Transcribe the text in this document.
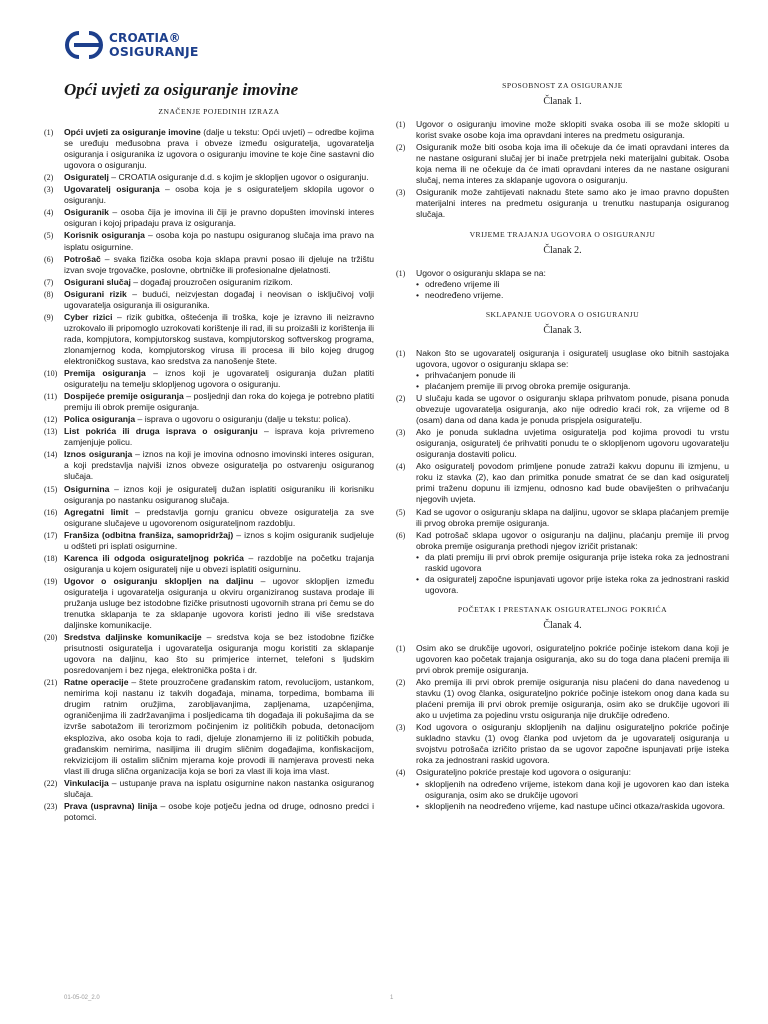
CROATIA®
OSIGURANJE
Opći uvjeti za osiguranje imovine
ZNAČENJE POJEDINIH IZRAZA
(1)	Opći uvjeti za osiguranje imovine (dalje u tekstu: Opći uvjeti) – odredbe kojima se uređuju međusobna prava i obveze između osiguratelja, ugovaratelja osiguranja i osiguranika iz ugovora o osiguranju imovine te koje čine sastavni dio ugovora o osiguranju.
(2)	Osiguratelj – CROATIA osiguranje d.d. s kojim je sklopljen ugovor o osiguranju.
(3)	Ugovaratelj osiguranja – osoba koja je s osigurateljem sklopila ugovor o osiguranju.
(4)	Osiguranik – osoba čija je imovina ili čiji je pravno dopušten imovinski interes osiguran i kojoj pripadaju prava iz osiguranja.
(5)	Korisnik osiguranja – osoba koja po nastupu osiguranog slučaja ima pravo na isplatu osigurnine.
(6)	Potrošač – svaka fizička osoba koja sklapa pravni posao ili djeluje na tržištu izvan svoje trgovačke, poslovne, obrtničke ili profesionalne djelatnosti.
(7)	Osigurani slučaj – događaj prouzročen osiguranim rizikom.
(8)	Osigurani rizik – budući, neizvjestan događaj i neovisan o isključivoj volji ugovaratelja osiguranja ili osiguranika.
(9)	Cyber rizici – rizik gubitka, oštećenja ili troška, koje je izravno ili neizravno uzrokovalo ili pripomoglo uzrokovati korištenje ili rad, ili su proizašli iz korištenja ili rada, kompjutora, kompjutorskog sustava, kompjutorskog softverskog programa, zlonamjernog koda, kompjutorskog virusa ili procesa ili bilo kojeg drugog elektroničkog sustava, kao sredstva za nanošenje štete.
(10) Premija osiguranja – iznos koji je ugovaratelj osiguranja dužan platiti osiguratelju na temelju sklopljenog ugovora o osiguranju.
(11) Dospijeće premije osiguranja – posljednji dan roka do kojega je potrebno platiti premiju ili obrok premije osiguranja.
(12) Polica osiguranja – isprava o ugovoru o osiguranju (dalje u tekstu: polica).
(13) List pokrića ili druga isprava o osiguranju – isprava koja privremeno zamjenjuje policu.
(14) Iznos osiguranja – iznos na koji je imovina odnosno imovinski interes osiguran, a koji predstavlja najviši iznos obveze osiguratelja po ostvarenju osiguranog slučaja.
(15) Osigurnina – iznos koji je osiguratelj dužan isplatiti osiguraniku ili korisniku osiguranja po nastanku osiguranog slučaja.
(16) Agregatni limit – predstavlja gornju granicu obveze osiguratelja za sve osigurane slučajeve u ugovorenom osigurateljnom razdoblju.
(17) Franšiza (odbitna franšiza, samopridržaj) – iznos s kojim osiguranik sudjeluje u odšteti pri isplati osigurnine.
(18) Karenca ili odgoda osigurateljnog pokrića – razdoblje na početku trajanja osiguranja u kojem osiguratelj nije u obvezi isplatiti osigurninu.
(19) Ugovor o osiguranju sklopljen na daljinu – ugovor sklopljen između osiguratelja i ugovaratelja osiguranja u okviru organiziranog sustava prodaje ili pružanja usluge bez istodobne fizičke prisutnosti ugovornih strana pri čemu se do trenutka sklapanja te za sklapanje ugovora koristi jedno ili više sredstava daljinske komunikacije.
(20) Sredstva daljinske komunikacije – sredstva koja se bez istodobne fizičke prisutnosti osiguratelja i ugovaratelja osiguranja mogu koristiti za sklapanje ugovora na daljinu, kao što su primjerice internet, telefoni s ljudskim posredovanjem i bez njega, elektronička pošta i dr.
(21) Ratne operacije – štete prouzročene građanskim ratom, revolucijom, ustankom, nemirima koji nastanu iz takvih događaja, minama, torpedima, bombama ili drugim ratnim oružjima, zarobljavanjima, zapljenama, uzapćenjima, ograničenjima ili zadržavanjima i posljedicama tih događaja ili pokušajima da se izvrše sabotažom ili terorizmom počinjenim iz političkih pobuda, detonacijom eksploziva, ako osoba koja to radi, djeluje zlonamjerno ili iz političkih pobuda, građanskim nemirima, nasiljima ili drugim sličnim događajima, konfiskacijom, rekvizicijom ili ostalim sličnim mjerama koje provodi ili namjerava provesti neka vlast ili druga slična organizacija koja se bori za vlast ili koja ima vlast.
(22) Vinkulacija – ustupanje prava na isplatu osigurnine nakon nastanka osiguranog slučaja.
(23) Prava (uspravna) linija – osobe koje potječu jedna od druge, odnosno predci i potomci.
SPOSOBNOST ZA OSIGURANJE
Članak 1.
(1)	Ugovor o osiguranju imovine može sklopiti svaka osoba ili se može sklopiti u korist svake osobe koja ima opravdani interes na predmetu osiguranja.
(2)	Osiguranik može biti osoba koja ima ili očekuje da će imati opravdani interes da ne nastane osigurani slučaj jer bi inače pretrpjela neki materijalni gubitak. Osoba koja nema ili ne očekuje da će imati opravdani interes da ne nastane osigurani slučaj, nema interes za sklapanje ugovora o osiguranju.
(3)	Osiguranik može zahtijevati naknadu štete samo ako je imao pravno dopušten materijalni interes na predmetu osiguranja u trenutku nastupanja osiguranog slučaja.
VRIJEME TRAJANJA UGOVORA O OSIGURANJU
Članak 2.
(1)	Ugovor o osiguranju sklapa se na:
• određeno vrijeme ili
• neodređeno vrijeme.
SKLAPANJE UGOVORA O OSIGURANJU
Članak 3.
(1)	Nakon što se ugovaratelj osiguranja i osiguratelj usuglase oko bitnih sastojaka ugovora, ugovor o osiguranju sklapa se:
• prihvaćanjem ponude ili
• plaćanjem premije ili prvog obroka premije osiguranja.
(2)	U slučaju kada se ugovor o osiguranju sklapa prihvatom ponude, pisana ponuda obvezuje ugovaratelja osiguranja, ako nije odredio kraći rok, za vrijeme od 8 (osam) dana od dana kada je ponuda prispjela osiguratelju.
(3)	Ako je ponuda sukladna uvjetima osiguratelja pod kojima provodi tu vrstu osiguranja, osiguratelj će prihvatiti ponudu te o sklopljenom ugovoru ugovaratelju osiguranja dostaviti policu.
(4)	Ako osiguratelj povodom primljene ponude zatraži kakvu dopunu ili izmjenu, u roku iz stavka (2), kao dan primitka ponude smatrat će se dan kad osiguratelj primi traženu dopunu ili izmjenu, odnosno kad bude obaviješten o prihvaćanju njegovih uvjeta.
(5)	Kad se ugovor o osiguranju sklapa na daljinu, ugovor se sklapa plaćanjem premije ili prvog obroka premije osiguranja.
(6)	Kad potrošač sklapa ugovor o osiguranju na daljinu, plaćanju premije ili prvog obroka premije osiguranja prethodi njegov izričit pristanak:
• da plati premiju ili prvi obrok premije osiguranja prije isteka roka za jednostrani raskid ugovora
• da osiguratelj započne ispunjavati ugovor prije isteka roka za jednostrani raskid ugovora.
POČETAK I PRESTANAK OSIGURATELJNOG POKRIĆA
Članak 4.
(1)	Osim ako se drukčije ugovori, osigurateljno pokriće počinje istekom dana koji je ugovoren kao početak trajanja osiguranja, ako su do toga dana plaćeni premija ili prvi obrok premije osiguranja.
(2)	Ako premija ili prvi obrok premije osiguranja nisu plaćeni do dana navedenog u stavku (1) ovog članka, osigurateljno pokriće počinje istekom onog dana kada su plaćeni premija ili prvi obrok premije osiguranja, osim ako se drukčije ugovori ili ako u uvjetima za pojedinu vrstu osiguranja nije drukčije određeno.
(3)	Kod ugovora o osiguranju sklopljenih na daljinu osigurateljno pokriće počinje sukladno stavku (1) ovog članka pod uvjetom da je ugovaratelj osiguranja u svojstvu potrošača izričito pristao da se ugovor započne ispunjavati prije isteka roka za jednostrani raskid ugovora.
(4)	Osigurateljno pokriće prestaje kod ugovora o osiguranju:
• sklopljenih na određeno vrijeme, istekom dana koji je ugovoren kao dan isteka osiguranja, osim ako se drukčije ugovori
• sklopljenih na neodređeno vrijeme, kad nastupe učinci otkaza/raskida ugovora.
01-05-02_2.0	1
